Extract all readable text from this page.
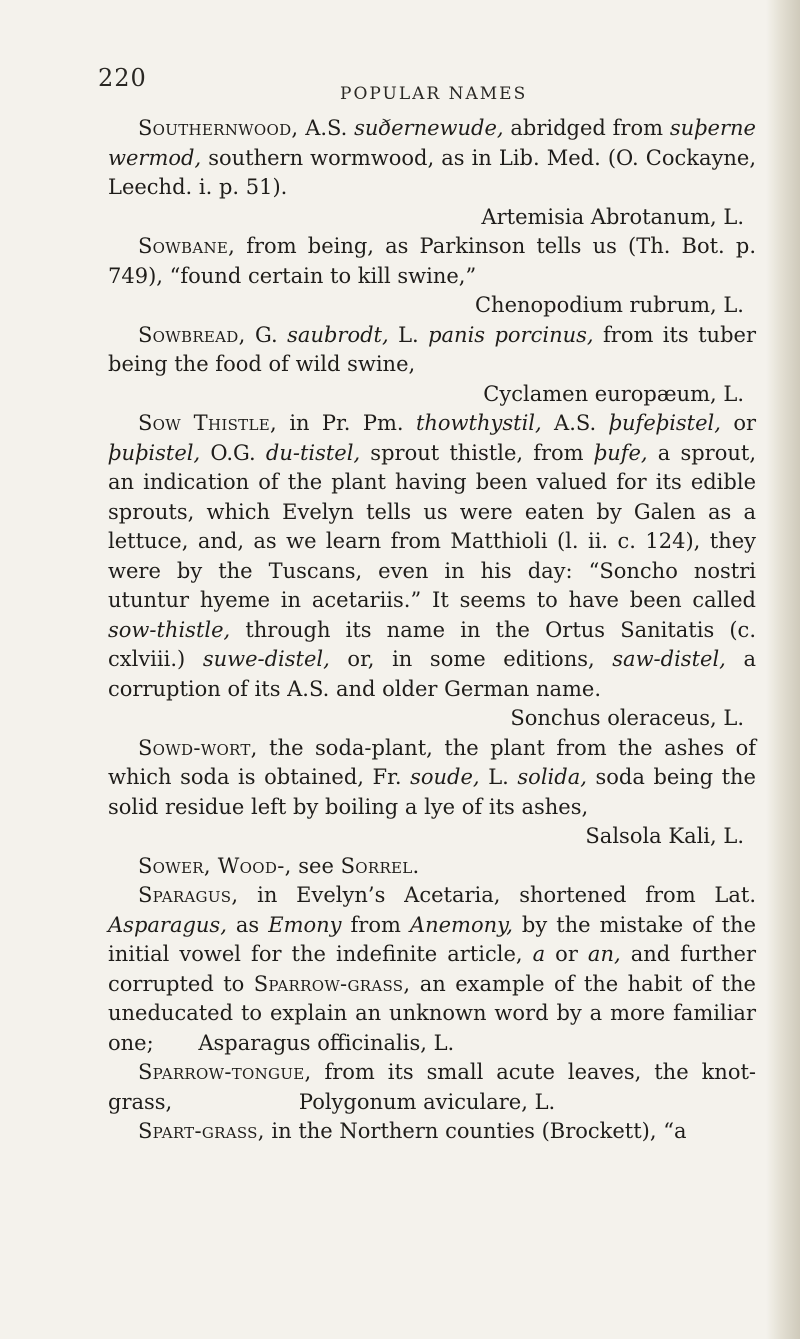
220
POPULAR NAMES
Southernwood, A.S. suðernewude, abridged from suþerne wermod, southern wormwood, as in Lib. Med. (O. Cockayne, Leechd. i. p. 51).
Artemisia Abrotanum, L.
Sowbane, from being, as Parkinson tells us (Th. Bot. p. 749), “found certain to kill swine,”
Chenopodium rubrum, L.
Sowbread, G. saubrodt, L. panis porcinus, from its tuber being the food of wild swine,
Cyclamen europæum, L.
Sow Thistle, in Pr. Pm. thowthystil, A.S. þufeþistel, or þuþistel, O.G. du-tistel, sprout thistle, from þufe, a sprout, an indication of the plant having been valued for its edible sprouts, which Evelyn tells us were eaten by Galen as a lettuce, and, as we learn from Matthioli (l. ii. c. 124), they were by the Tuscans, even in his day: “Soncho nostri utuntur hyeme in acetariis.” It seems to have been called sow-thistle, through its name in the Ortus Sanitatis (c. cxlviii.) suwe-distel, or, in some editions, saw-distel, a corruption of its A.S. and older German name.
Sonchus oleraceus, L.
Sowd-wort, the soda-plant, the plant from the ashes of which soda is obtained, Fr. soude, L. solida, soda being the solid residue left by boiling a lye of its ashes,
Salsola Kali, L.
Sower, Wood-, see Sorrel.
Sparagus, in Evelyn’s Acetaria, shortened from Lat. Asparagus, as Emony from Anemony, by the mistake of the initial vowel for the indefinite article, a or an, and further corrupted to Sparrow-grass, an example of the habit of the uneducated to explain an unknown word by a more familiar one; Asparagus officinalis, L.
Sparrow-tongue, from its small acute leaves, the knot-grass,	Polygonum aviculare, L.
Spart-grass, in the Northern counties (Brockett), “a
